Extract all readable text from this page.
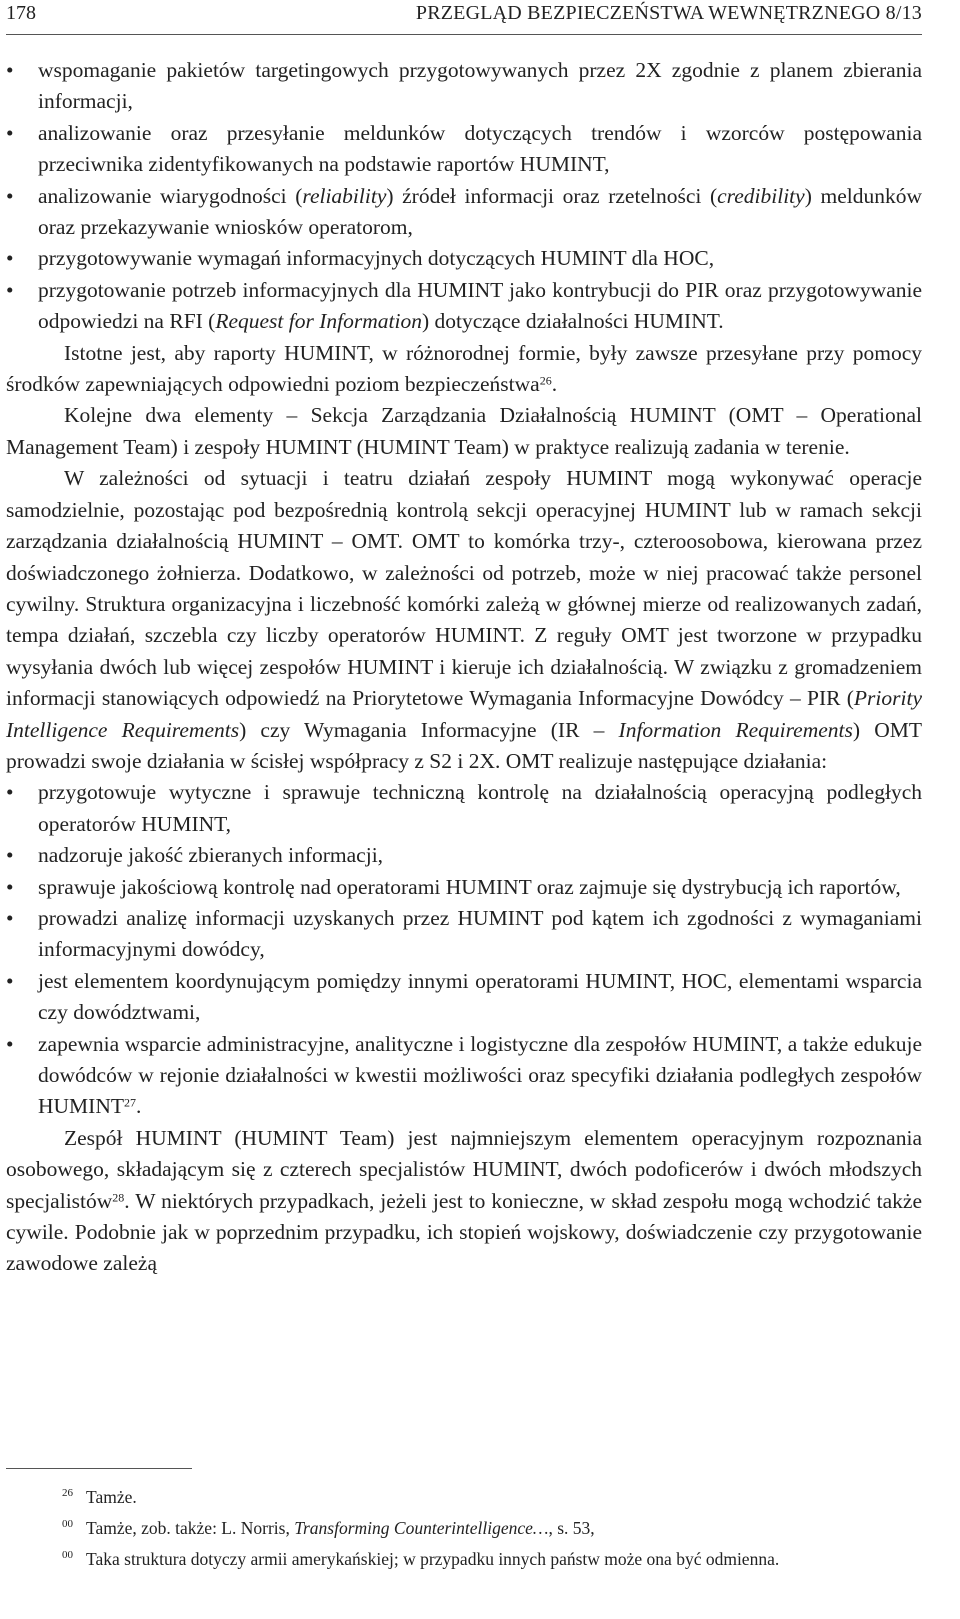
178	PRZEGLĄD BEZPIECZEŃSTWA WEWNĘTRZNEGO 8/13
• wspomaganie pakietów targetingowych przygotowywanych przez 2X zgodnie z planem zbierania informacji,
• analizowanie oraz przesyłanie meldunków dotyczących trendów i wzorców postępowania przeciwnika zidentyfikowanych na podstawie raportów HUMINT,
• analizowanie wiarygodności (reliability) źródeł informacji oraz rzetelności (credibility) meldunków oraz przekazywanie wniosków operatorom,
• przygotowywanie wymagań informacyjnych dotyczących HUMINT dla HOC,
• przygotowanie potrzeb informacyjnych dla HUMINT jako kontrybucji do PIR oraz przygotowywanie odpowiedzi na RFI (Request for Information) dotyczące działalności HUMINT.

Istotne jest, aby raporty HUMINT, w różnorodnej formie, były zawsze przesyłane przy pomocy środków zapewniających odpowiedni poziom bezpieczeństwa$^{26}$.

Kolejne dwa elementy – Sekcja Zarządzania Działalnością HUMINT (OMT – Operational Management Team) i zespoły HUMINT (HUMINT Team) w praktyce realizują zadania w terenie.

W zależności od sytuacji i teatru działań zespoły HUMINT mogą wykonywać operacje samodzielnie, pozostając pod bezpośrednią kontrolą sekcji operacyjnej HUMINT lub w ramach sekcji zarządzania działalnością HUMINT – OMT. OMT to komórka trzy-, czteroosobowa, kierowana przez doświadczonego żołnierza. Dodatkowo, w zależności od potrzeb, może w niej pracować także personel cywilny. Struktura organizacyjna i liczebność komórki zależą w głównej mierze od realizowanych zadań, tempa działań, szczebla czy liczby operatorów HUMINT. Z reguły OMT jest tworzone w przypadku wysyłania dwóch lub więcej zespołów HUMINT i kieruje ich działalnością. W związku z gromadzeniem informacji stanowiących odpowiedź na Priorytetowe Wymagania Informacyjne Dowódcy – PIR (Priority Intelligence Requirements) czy Wymagania Informacyjne (IR – Information Requirements) OMT prowadzi swoje działania w ścisłej współpracy z S2 i 2X. OMT realizuje następujące działania:

• przygotowuje wytyczne i sprawuje techniczną kontrolę na działalnością operacyjną podległych operatorów HUMINT,
• nadzoruje jakość zbieranych informacji,
• sprawuje jakościową kontrolę nad operatorami HUMINT oraz zajmuje się dystrybucją ich raportów,
• prowadzi analizę informacji uzyskanych przez HUMINT pod kątem ich zgodności z wymaganiami informacyjnymi dowódcy,
• jest elementem koordynującym pomiędzy innymi operatorami HUMINT, HOC, elementami wsparcia czy dowództwami,
• zapewnia wsparcie administracyjne, analityczne i logistyczne dla zespołów HUMINT, a także edukuje dowódców w rejonie działalności w kwestii możliwości oraz specyfiki działania podległych zespołów HUMINT$^{27}$.

Zespół HUMINT (HUMINT Team) jest najmniejszym elementem operacyjnym rozpoznania osobowego, składającym się z czterech specjalistów HUMINT, dwóch podoficerów i dwóch młodszych specjalistów$^{28}$. W niektórych przypadkach, jeżeli jest to konieczne, w skład zespołu mogą wchodzić także cywile. Podobnie jak w poprzednim przypadku, ich stopień wojskowy, doświadczenie czy przygotowanie zawodowe zależą

26 Tamże.
00 Tamże, zob. także: L. Norris, Transforming Counterintelligence…, s. 53,
00 Taka struktura dotyczy armii amerykańskiej; w przypadku innych państw może ona być odmienna.
